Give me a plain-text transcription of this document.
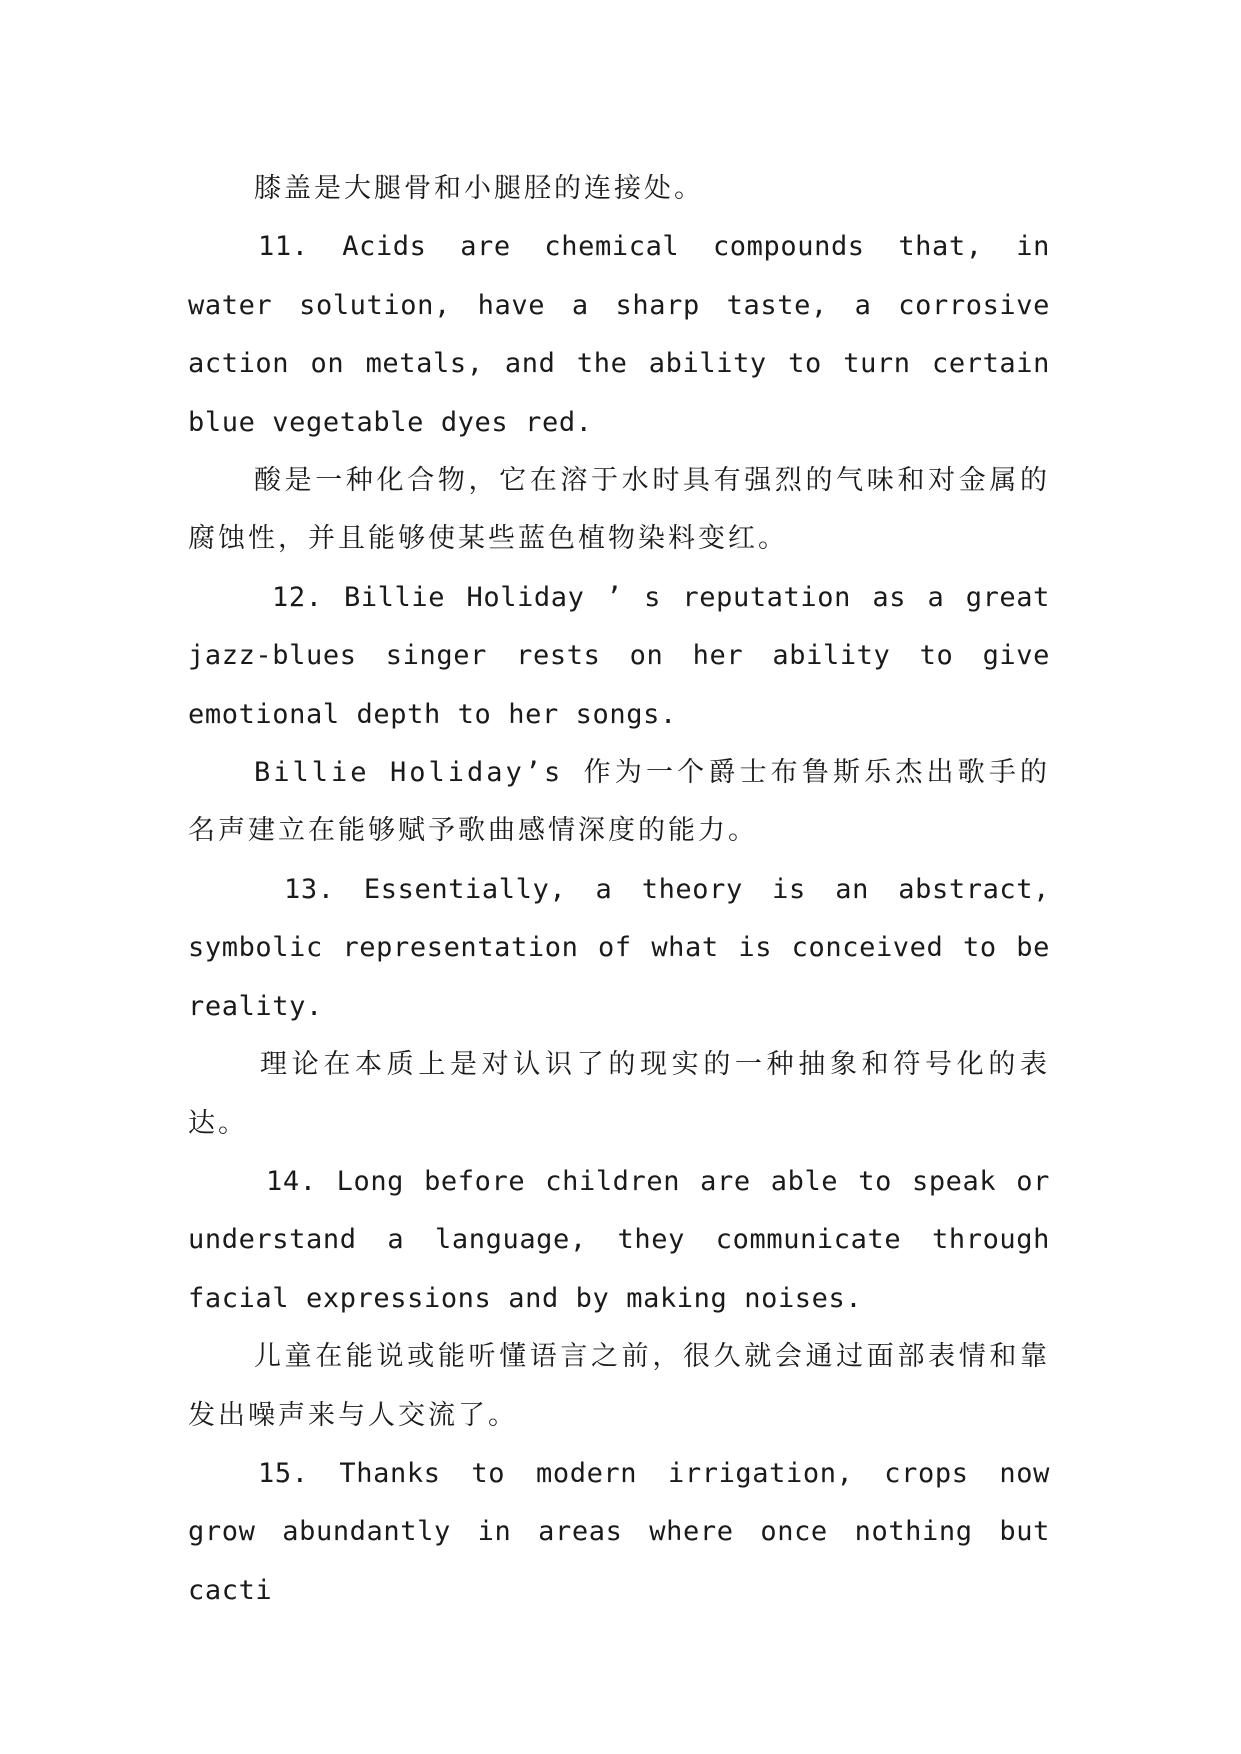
膝盖是大腿骨和小腿胫的连接处。

11. Acids are chemical compounds that, in water solution, have a sharp taste, a corrosive action on metals, and the ability to turn certain blue vegetable dyes red.

酸是一种化合物，它在溶于水时具有强烈的气味和对金属的腐蚀性，并且能够使某些蓝色植物染料变红。

12. Billie Holiday ’ s reputation as a great jazz-blues singer rests on her ability to give emotional depth to her songs.

Billie Holiday’s 作为一个爵士布鲁斯乐杰出歌手的名声建立在能够赋予歌曲感情深度的能力。

13. Essentially, a theory is an abstract, symbolic representation of what is conceived to be reality.

理论在本质上是对认识了的现实的一种抽象和符号化的表达。

14. Long before children are able to speak or understand a language, they communicate through facial expressions and by making noises.

儿童在能说或能听懂语言之前，很久就会通过面部表情和靠发出噪声来与人交流了。

15. Thanks to modern irrigation, crops now grow abundantly in areas where once nothing but cacti
